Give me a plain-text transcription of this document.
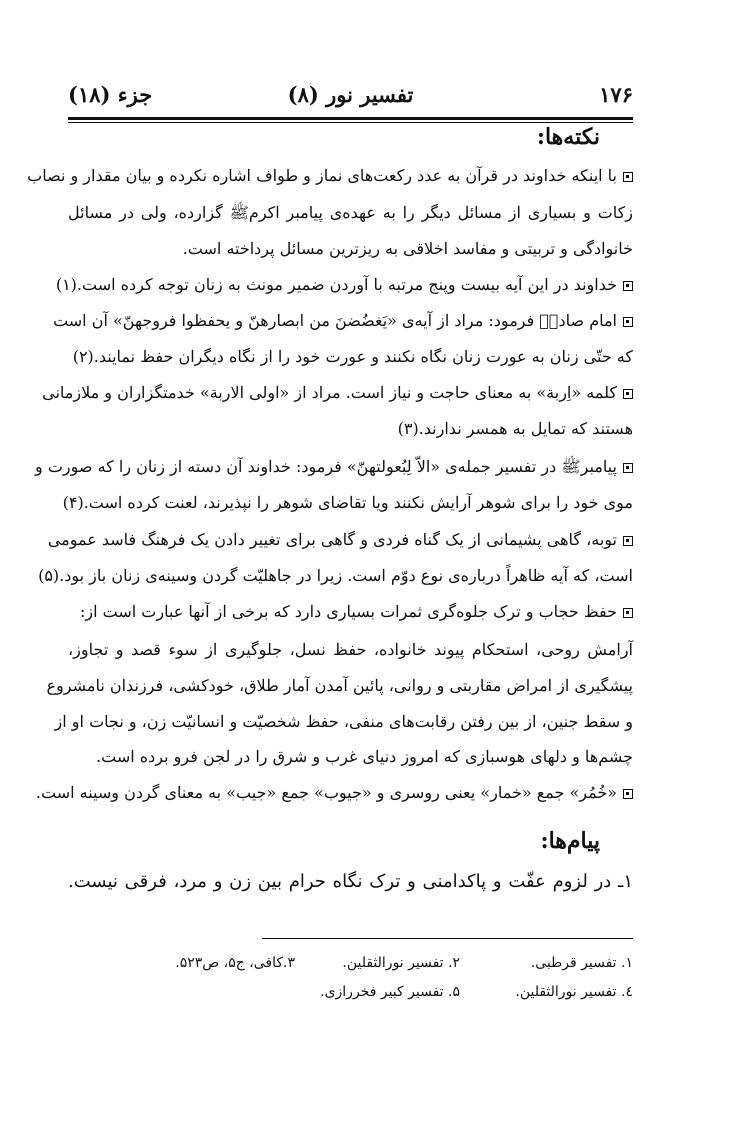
۱۷۶
تفسیر نور (۸)
جزء (۱۸)
نکته‌ها:
با اینکه خداوند در قرآن به عدد رکعت‌های نماز و طواف اشاره نکرده و بیان مقدار و نصاب
زکات و بسیاری از مسائل دیگر را به عهده‌ی پیامبر اکرمﷺ گزارده، ولی در مسائل
خانوادگی و تربیتی و مفاسد اخلاقی به ریزترین مسائل پرداخته است.
خداوند در این آیه بیست وپنج مرتبه با آوردن ضمیر مونث به زنان توجه کرده است.(۱)
امام صادقؑ فرمود: مراد از آیه‌ی «یَغضُضنَ من ابصارهنّ و یحفظوا فروجهنّ» آن است
که حتّی زنان به عورت زنان نگاه نکنند و عورت خود را از نگاه دیگران حفظ نمایند.(۲)
کلمه «اِربة» به معنای حاجت و نیاز است. مراد از «اولی الاربة» خدمتگزاران و ملازمانی
هستند که تمایل به همسر ندارند.(۳)
پیامبرﷺ در تفسیر جمله‌ی «الاّ لِبُعولتهنّ» فرمود: خداوند آن دسته از زنان را که صورت و
موی خود را برای شوهر آرایش نکنند ویا تقاضای شوهر را نپذیرند، لعنت کرده است.(۴)
توبه، گاهی پشیمانی از یک گناه فردی و گاهی برای تغییر دادن یک فرهنگ فاسد عمومی
است، که آیه ظاهراً درباره‌ی نوع دوّم است. زیرا در جاهلیّت گردن وسینه‌ی زنان باز بود.(۵)
حفظ حجاب و ترک جلوه‌گری ثمرات بسیاری دارد که برخی از آنها عبارت است از:
آرامش روحی، استحکام پیوند خانواده، حفظ نسل، جلوگیری از سوء قصد و تجاوز،
پیشگیری از امراض مقاربتی و روانی، پائین آمدن آمار طلاق، خودکشی، فرزندان نامشروع
و سقط جنین، از بین رفتن رقابت‌های منفی، حفظ شخصیّت و انسانیّت زن، و نجات او از
چشم‌ها و دلهای هوسبازی که امروز دنیای غرب و شرق را در لجن فرو برده است.
«خُمُر» جمع «خمار» یعنی روسری و «جیوب» جمع «جیب» به معنای گردن وسینه است.
پیام‌ها:
۱ـ در لزوم عفّت و پاکدامنی و ترک نگاه حرام بین زن و مرد، فرقی نیست.
۱. تفسیر قرطبی.
۲. تفسیر نورالثقلین.
۳.کافی، ج۵، ص۵۲۳.
٤. تفسیر نورالثقلین.
۵. تفسیر کبیر فخررازی.
